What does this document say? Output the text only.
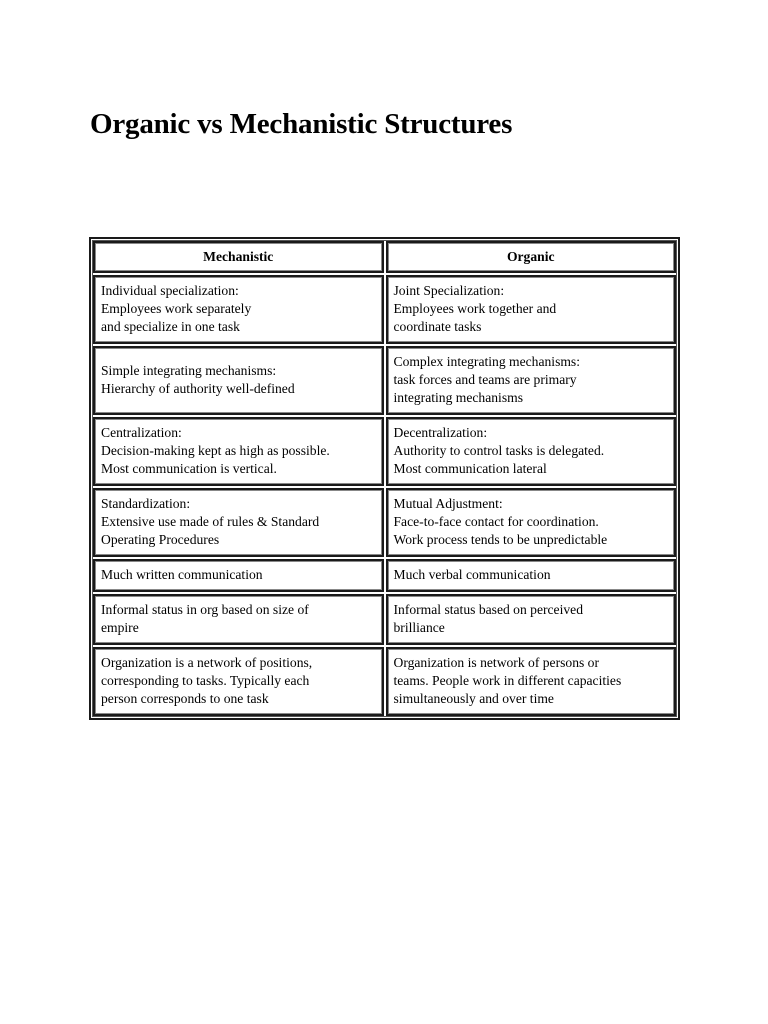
Organic vs Mechanistic Structures
Mechanistic	Organic

Individual specialization:
Employees work separately
and specialize in one task	Joint Specialization:
Employees work together and
coordinate tasks

Simple integrating mechanisms:
Hierarchy of authority well-defined	Complex integrating mechanisms:
task forces and teams are primary
integrating mechanisms

Centralization:
Decision-making kept as high as possible.
Most communication is vertical.	Decentralization:
Authority to control tasks is delegated.
Most communication lateral

Standardization:
Extensive use made of rules & Standard
Operating Procedures	Mutual Adjustment:
Face-to-face contact for coordination.
Work process tends to be unpredictable

Much written communication	Much verbal communication

Informal status in org based on size of
empire	Informal status based on perceived
brilliance

Organization is a network of positions,
corresponding to tasks. Typically each
person corresponds to one task	Organization is network of persons or
teams. People work in different capacities
simultaneously and over time
